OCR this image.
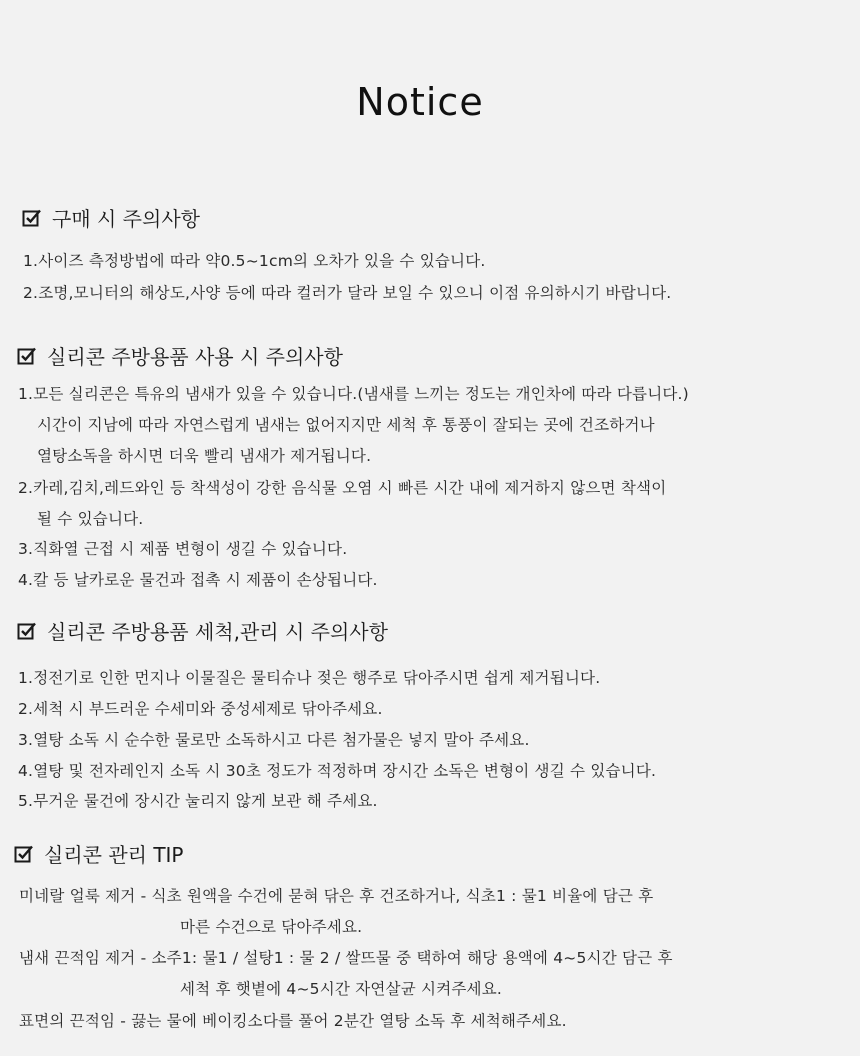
Notice
구매 시 주의사항
1.사이즈 측정방법에 따라 약0.5~1cm의 오차가 있을 수 있습니다.
2.조명,모니터의 해상도,사양 등에 따라 컬러가 달라 보일 수 있으니 이점 유의하시기 바랍니다.
실리콘 주방용품 사용 시 주의사항
1.모든 실리콘은 특유의 냄새가 있을 수 있습니다.(냄새를 느끼는 정도는 개인차에 따라 다릅니다.)
시간이 지남에 따라 자연스럽게 냄새는 없어지지만 세척 후 통풍이 잘되는 곳에 건조하거나
열탕소독을 하시면 더욱 빨리 냄새가 제거됩니다.
2.카레,김치,레드와인 등 착색성이 강한 음식물 오염 시 빠른 시간 내에 제거하지 않으면 착색이
될 수 있습니다.
3.직화열 근접 시 제품 변형이 생길 수 있습니다.
4.칼 등 날카로운 물건과 접촉 시 제품이 손상됩니다.
실리콘 주방용품 세척,관리 시 주의사항
1.정전기로 인한 먼지나 이물질은 물티슈나 젖은 행주로 닦아주시면 쉽게 제거됩니다.
2.세척 시 부드러운 수세미와 중성세제로 닦아주세요.
3.열탕 소독 시 순수한 물로만 소독하시고 다른 첨가물은 넣지 말아 주세요.
4.열탕 및 전자레인지 소독 시 30초 정도가 적정하며 장시간 소독은 변형이 생길 수 있습니다.
5.무거운 물건에 장시간 눌리지 않게 보관 해 주세요.
실리콘 관리 TIP
미네랄 얼룩 제거 - 식초 원액을 수건에 묻혀 닦은 후 건조하거나, 식초1 : 물1 비율에 담근 후
마른 수건으로 닦아주세요.
냄새 끈적임 제거 - 소주1: 물1 / 설탕1 : 물 2 / 쌀뜨물 중 택하여 해당 용액에 4~5시간 담근 후
세척 후 햇볕에 4~5시간 자연살균 시켜주세요.
표면의 끈적임 - 끓는 물에 베이킹소다를 풀어 2분간 열탕 소독 후 세척해주세요.
